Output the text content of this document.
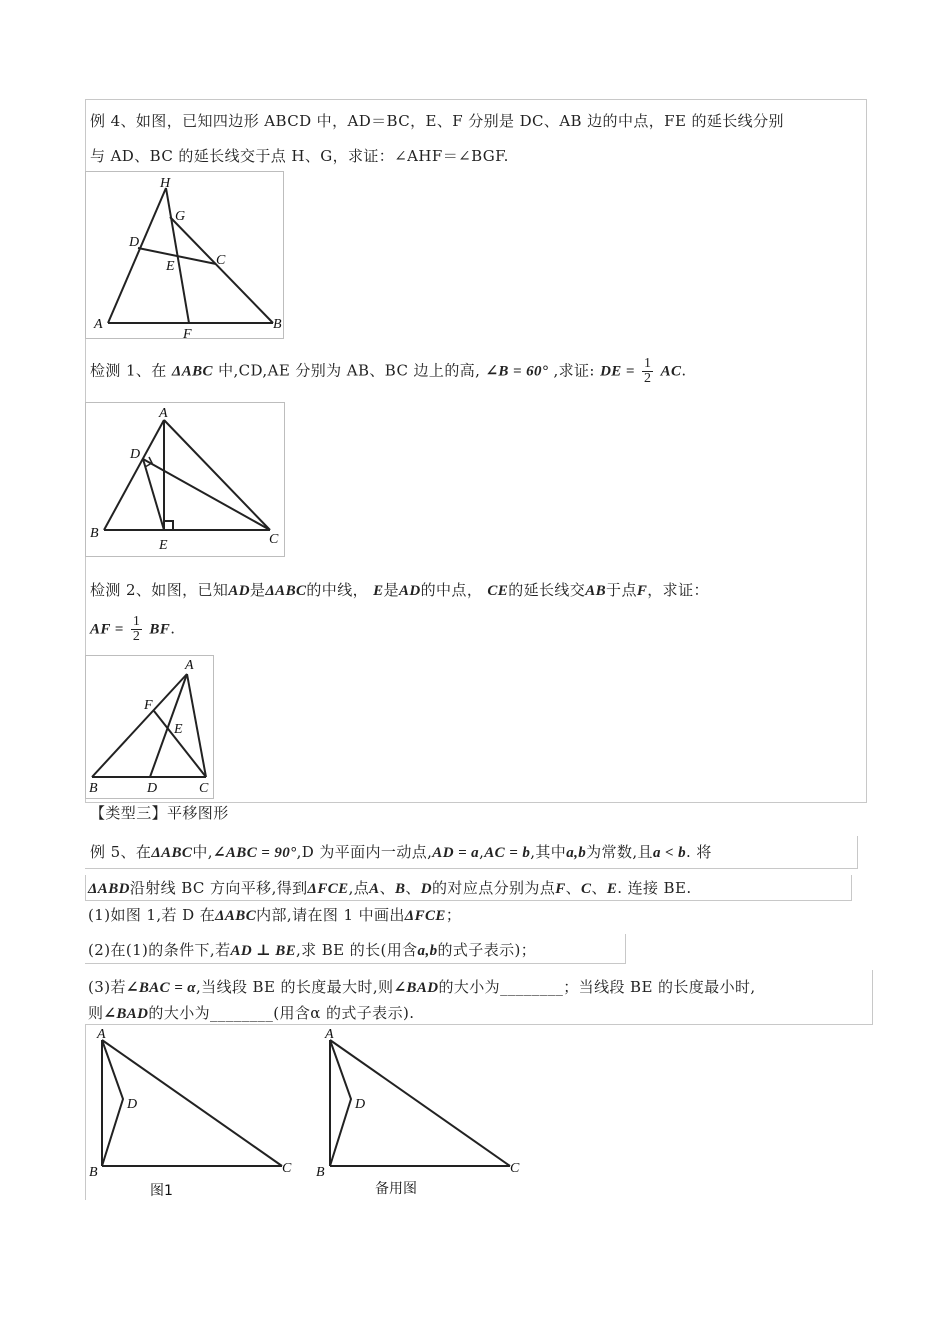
例 4、如图，已知四边形 ABCD 中，AD＝BC，E、F 分别是 DC、AB 边的中点，FE 的延长线分别
与 AD、BC 的延长线交于点 H、G，求证：∠AHF＝∠BGF.
H
G
D
C
E
A
F
B
检测 1、在 ΔABC 中,CD,AE 分别为 AB、BC 边上的高, ∠B = 60° ,求证: DE = $\frac{1}{2}$ AC.
A
D
B
E	C
检测 2、如图，已知AD是ΔABC的中线， E是AD的中点， CE的延长线交AB于点F，求证：
AF = $\frac{1}{2}$ BF.
A
F
E
B	D	C
【类型三】平移图形
例 5、在ΔABC中,∠ABC = 90°,D 为平面内一动点,AD = a,AC = b,其中a,b为常数,且a < b. 将
ΔABD沿射线 BC 方向平移,得到ΔFCE,点A、B、D的对应点分别为点F、C、E. 连接 BE.
(1)如图 1,若 D 在ΔABC内部,请在图 1 中画出ΔFCE；
(2)在(1)的条件下,若AD ⊥ BE,求 BE 的长(用含a,b的式子表示)；
(3)若∠BAC = α,当线段 BE 的长度最大时,则∠BAD的大小为________；当线段 BE 的长度最小时,
则∠BAD的大小为________(用含α 的式子表示).
A
D
B	C
图1
A
D
B	C
备用图
